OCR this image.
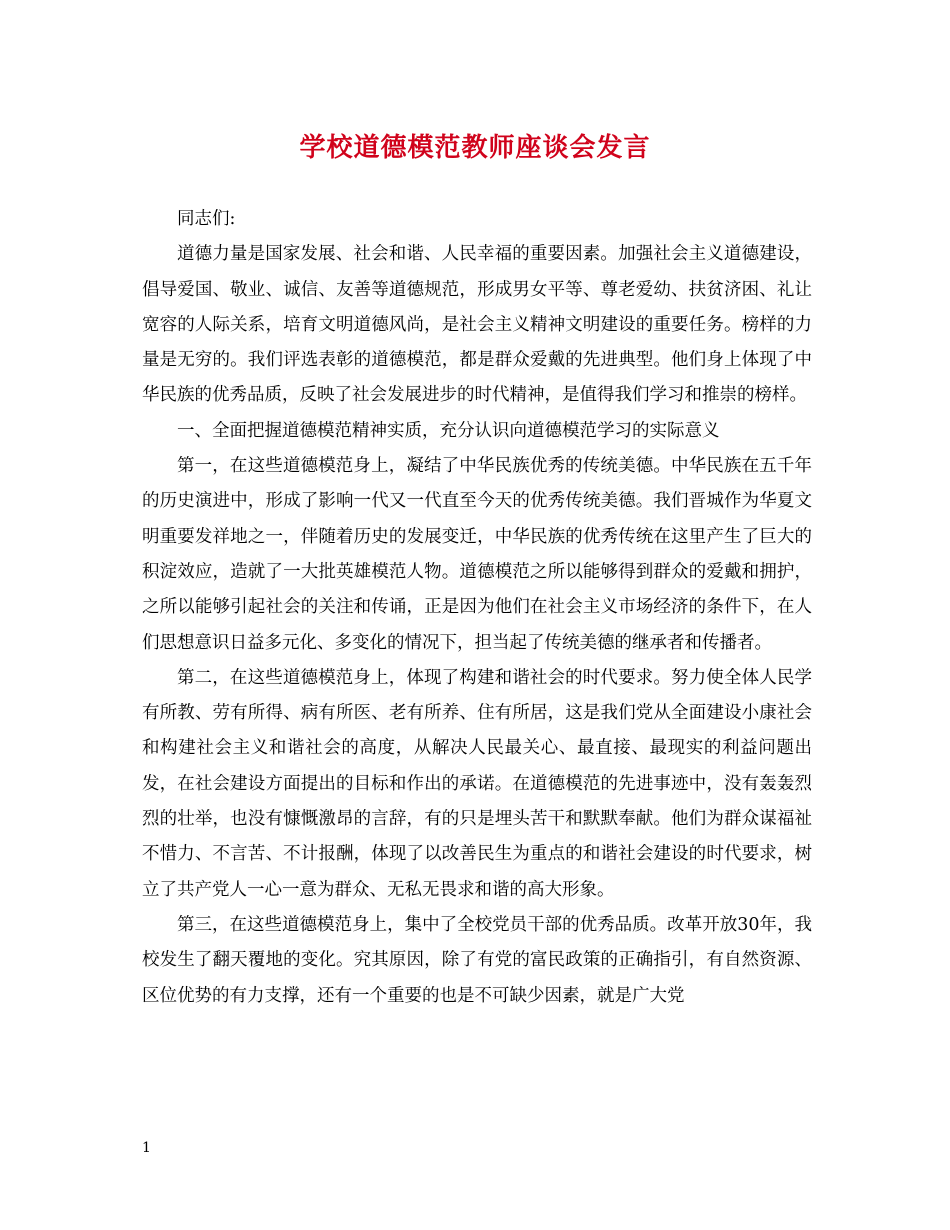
学校道德模范教师座谈会发言

同志们:

道德力量是国家发展、社会和谐、人民幸福的重要因素。加强社会主义道德建设，倡导爱国、敬业、诚信、友善等道德规范，形成男女平等、尊老爱幼、扶贫济困、礼让宽容的人际关系，培育文明道德风尚，是社会主义精神文明建设的重要任务。榜样的力量是无穷的。我们评选表彰的道德模范，都是群众爱戴的先进典型。他们身上体现了中华民族的优秀品质，反映了社会发展进步的时代精神，是值得我们学习和推崇的榜样。

一、全面把握道德模范精神实质，充分认识向道德模范学习的实际意义

第一，在这些道德模范身上，凝结了中华民族优秀的传统美德。中华民族在五千年的历史演进中，形成了影响一代又一代直至今天的优秀传统美德。我们晋城作为华夏文明重要发祥地之一，伴随着历史的发展变迁，中华民族的优秀传统在这里产生了巨大的积淀效应，造就了一大批英雄模范人物。道德模范之所以能够得到群众的爱戴和拥护，之所以能够引起社会的关注和传诵，正是因为他们在社会主义市场经济的条件下，在人们思想意识日益多元化、多变化的情况下，担当起了传统美德的继承者和传播者。

第二，在这些道德模范身上，体现了构建和谐社会的时代要求。努力使全体人民学有所教、劳有所得、病有所医、老有所养、住有所居，这是我们党从全面建设小康社会和构建社会主义和谐社会的高度，从解决人民最关心、最直接、最现实的利益问题出发，在社会建设方面提出的目标和作出的承诺。在道德模范的先进事迹中，没有轰轰烈烈的壮举，也没有慷慨激昂的言辞，有的只是埋头苦干和默默奉献。他们为群众谋福祉不惜力、不言苦、不计报酬，体现了以改善民生为重点的和谐社会建设的时代要求，树立了共产党人一心一意为群众、无私无畏求和谐的高大形象。

第三，在这些道德模范身上，集中了全校党员干部的优秀品质。改革开放30年，我校发生了翻天覆地的变化。究其原因，除了有党的富民政策的正确指引，有自然资源、区位优势的有力支撑，还有一个重要的也是不可缺少因素，就是广大党

1
